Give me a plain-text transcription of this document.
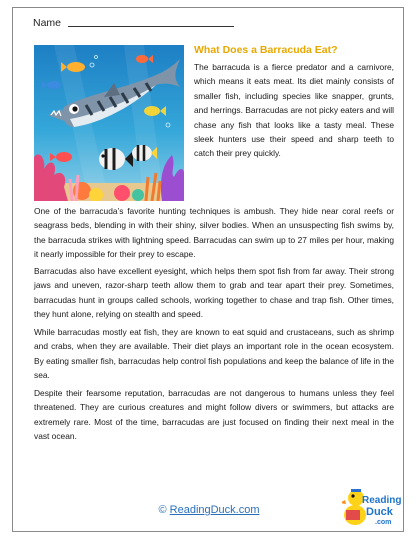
Name
What Does a Barracuda Eat?

The barracuda is a fierce predator and a carnivore, which means it eats meat. Its diet mainly consists of smaller fish, including species like snapper, grunts, and herrings. Barracudas are not picky eaters and will chase any fish that looks like a tasty meal. These sleek hunters use their speed and sharp teeth to catch their prey quickly.

One of the barracuda’s favorite hunting techniques is ambush. They hide near coral reefs or seagrass beds, blending in with their shiny, silver bodies. When an unsuspecting fish swims by, the barracuda strikes with lightning speed. Barracudas can swim up to 27 miles per hour, making it nearly impossible for their prey to escape.

Barracudas also have excellent eyesight, which helps them spot fish from far away. Their strong jaws and uneven, razor-sharp teeth allow them to grab and tear apart their prey. Sometimes, barracudas hunt in groups called schools, working together to chase and trap fish. Other times, they hunt alone, relying on stealth and speed.

While barracudas mostly eat fish, they are known to eat squid and crustaceans, such as shrimp and crabs, when they are available. Their diet plays an important role in the ocean ecosystem. By eating smaller fish, barracudas help control fish populations and keep the balance of life in the sea.

Despite their fearsome reputation, barracudas are not dangerous to humans unless they feel threatened. They are curious creatures and might follow divers or swimmers, but attacks are extremely rare. Most of the time, barracudas are just focused on finding their next meal in the vast ocean.

© ReadingDuck.com
Reading
Duck
.com
